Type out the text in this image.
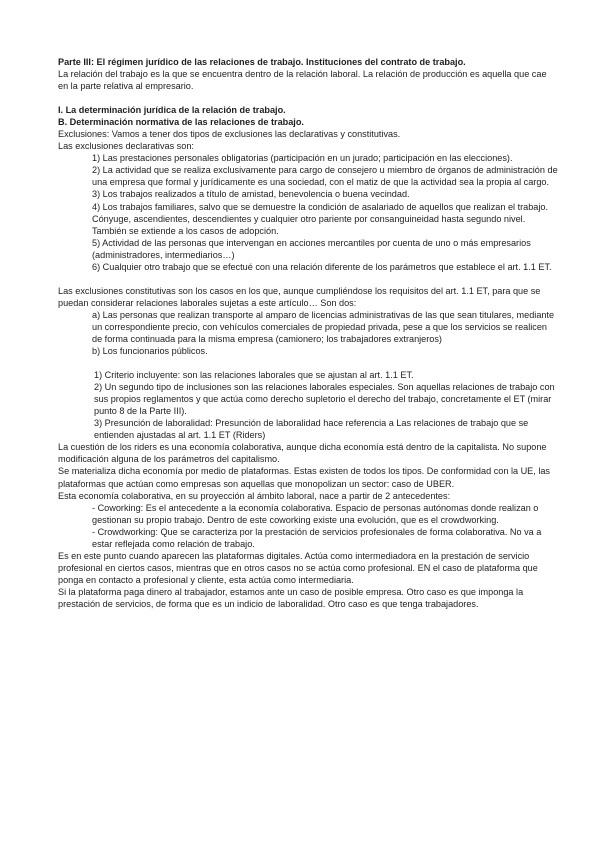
Parte III: El régimen jurídico de las relaciones de trabajo. Instituciones del contrato de trabajo.

La relación del trabajo es la que se encuentra dentro de la relación laboral. La relación de producción es aquella que cae en la parte relativa al empresario.

I. La determinación jurídica de la relación de trabajo.

B. Determinación normativa de las relaciones de trabajo.

Exclusiones: Vamos a tener dos tipos de exclusiones las declarativas y constitutivas.

Las exclusiones declarativas son:

1) Las prestaciones personales obligatorias (participación en un jurado; participación en las elecciones).

2) La actividad que se realiza exclusivamente para cargo de consejero u miembro de órganos de administración de una empresa que formal y jurídicamente es una sociedad, con el matiz de que la actividad sea la propia al cargo.

3) Los trabajos realizados a título de amistad, benevolencia o buena vecindad.

4) Los trabajos familiares, salvo que se demuestre la condición de asalariado de aquellos que realizan el trabajo. Cónyuge, ascendientes, descendientes y cualquier otro pariente por consanguineidad hasta segundo nivel. También se extiende a los casos de adopción.

5) Actividad de las personas que intervengan en acciones mercantiles por cuenta de uno o más empresarios (administradores, intermediarios…)

6) Cualquier otro trabajo que se efectué con una relación diferente de los parámetros que establece el art. 1.1 ET.

Las exclusiones constitutivas son los casos en los que, aunque cumpliéndose los requisitos del art. 1.1 ET, para que se puedan considerar relaciones laborales sujetas a este artículo… Son dos:

a) Las personas que realizan transporte al amparo de licencias administrativas de las que sean titulares, mediante un correspondiente precio, con vehículos comerciales de propiedad privada, pese a que los servicios se realicen de forma continuada para la misma empresa (camionero; los trabajadores extranjeros)

b) Los funcionarios públicos.

1) Criterio incluyente: son las relaciones laborales que se ajustan al art. 1.1 ET.

2) Un segundo tipo de inclusiones son las relaciones laborales especiales. Son aquellas relaciones de trabajo con sus propios reglamentos y que actúa como derecho supletorio el derecho del trabajo, concretamente el ET (mirar punto 8 de la Parte III).

3) Presunción de laboralidad: Presunción de laboralidad hace referencia a Las relaciones de trabajo que se entienden ajustadas al art. 1.1 ET (Riders)

La cuestión de los riders es una economía colaborativa, aunque dicha economía está dentro de la capitalista. No supone modificación alguna de los parámetros del capitalismo.

Se materializa dicha economía por medio de plataformas. Estas existen de todos los tipos. De conformidad con la UE, las plataformas que actúan como empresas son aquellas que monopolizan un sector: caso de UBER.

Esta economía colaborativa, en su proyección al ámbito laboral, nace a partir de 2 antecedentes:

- Coworking: Es el antecedente a la economía colaborativa. Espacio de personas autónomas donde realizan o gestionan su propio trabajo. Dentro de este coworking existe una evolución, que es el crowdworking.

- Crowdworking: Que se caracteriza por la prestación de servicios profesionales de forma colaborativa. No va a estar reflejada como relación de trabajo.

Es en este punto cuando aparecen las plataformas digitales. Actúa como intermediadora en la prestación de servicio profesional en ciertos casos, mientras que en otros casos no se actúa como profesional. EN el caso de plataforma que ponga en contacto a profesional y cliente, esta actúa como intermediaria.

Si la plataforma paga dinero al trabajador, estamos ante un caso de posible empresa. Otro caso es que imponga la prestación de servicios, de forma que es un indicio de laboralidad. Otro caso es que tenga trabajadores.
